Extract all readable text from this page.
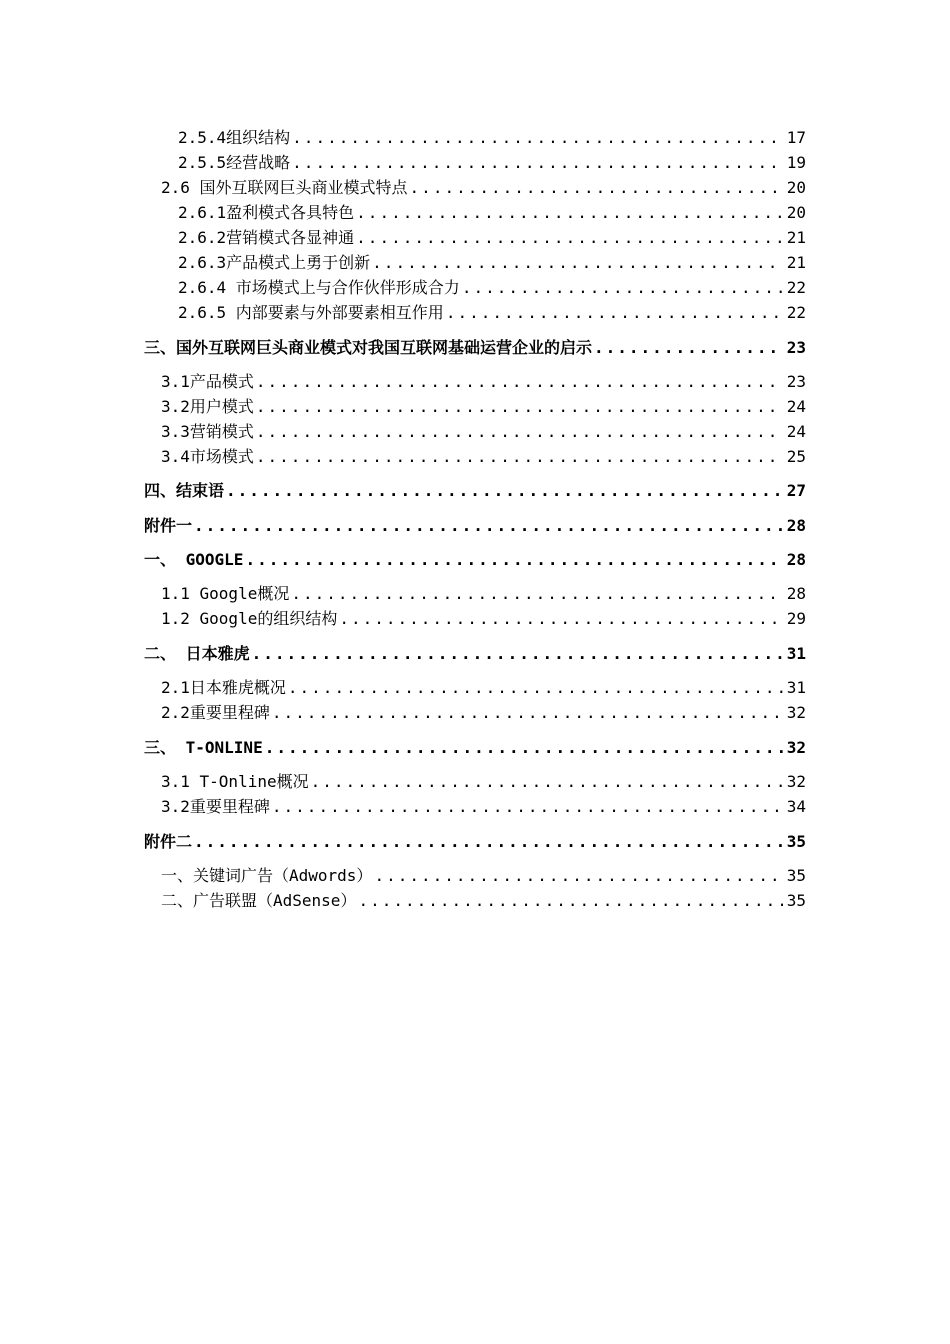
2.5.4组织结构 .....	17
2.5.5经营战略 .....	19
2.6 国外互联网巨头商业模式特点 .....	20
2.6.1盈利模式各具特色 .....	20
2.6.2营销模式各显神通 .....	21
2.6.3产品模式上勇于创新 .....	21
2.6.4 市场模式上与合作伙伴形成合力 .....	22
2.6.5 内部要素与外部要素相互作用 .....	22
三、国外互联网巨头商业模式对我国互联网基础运营企业的启示 .....	23
3.1产品模式 .....	23
3.2用户模式 .....	24
3.3营销模式 .....	24
3.4市场模式 .....	25
四、结束语 .....	27
附件一 .....	28
一、 GOOGLE .....	28
1.1 Google概况 .....	28
1.2 Google的组织结构 .....	29
二、 日本雅虎 .....	31
2.1日本雅虎概况 .....	31
2.2重要里程碑 .....	32
三、 T-ONLINE .....	32
3.1 T-Online概况 .....	32
3.2重要里程碑 .....	34
附件二 .....	35
一、关键词广告（Adwords） .....	35
二、广告联盟（AdSense） .....	35
